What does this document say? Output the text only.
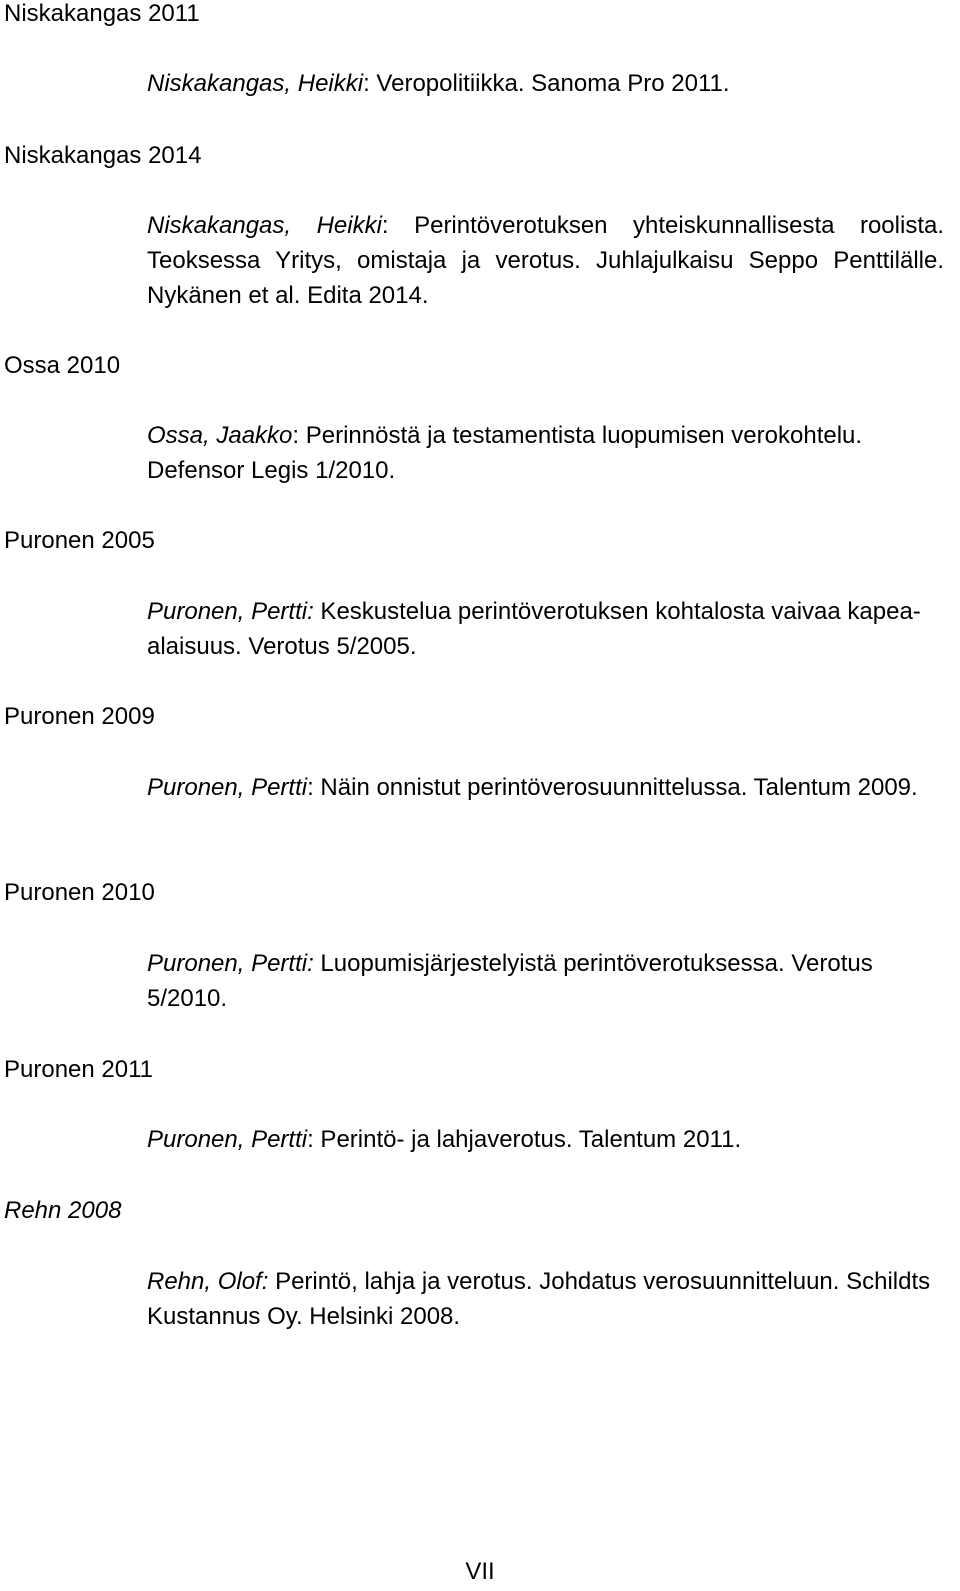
Niskakangas 2011

Niskakangas, Heikki: Veropolitiikka. Sanoma Pro 2011.

Niskakangas 2014

Niskakangas, Heikki: Perintöverotuksen yhteiskunnallisesta roolista. Teoksessa Yritys, omistaja ja verotus. Juhlajulkaisu Seppo Penttilälle. Nykänen et al. Edita 2014.

Ossa 2010

Ossa, Jaakko: Perinnöstä ja testamentista luopumisen verokohtelu. Defensor Legis 1/2010.

Puronen 2005

Puronen, Pertti: Keskustelua perintöverotuksen kohtalosta vaivaa kapea-alaisuus. Verotus 5/2005.

Puronen 2009

Puronen, Pertti: Näin onnistut perintöverosuunnittelussa. Talentum 2009.

Puronen 2010

Puronen, Pertti: Luopumisjärjestelyistä perintöverotuksessa. Verotus 5/2010.

Puronen 2011

Puronen, Pertti: Perintö- ja lahjaverotus. Talentum 2011.

Rehn 2008

Rehn, Olof: Perintö, lahja ja verotus. Johdatus verosuunnitteluun. Schildts Kustannus Oy. Helsinki 2008.

VII
